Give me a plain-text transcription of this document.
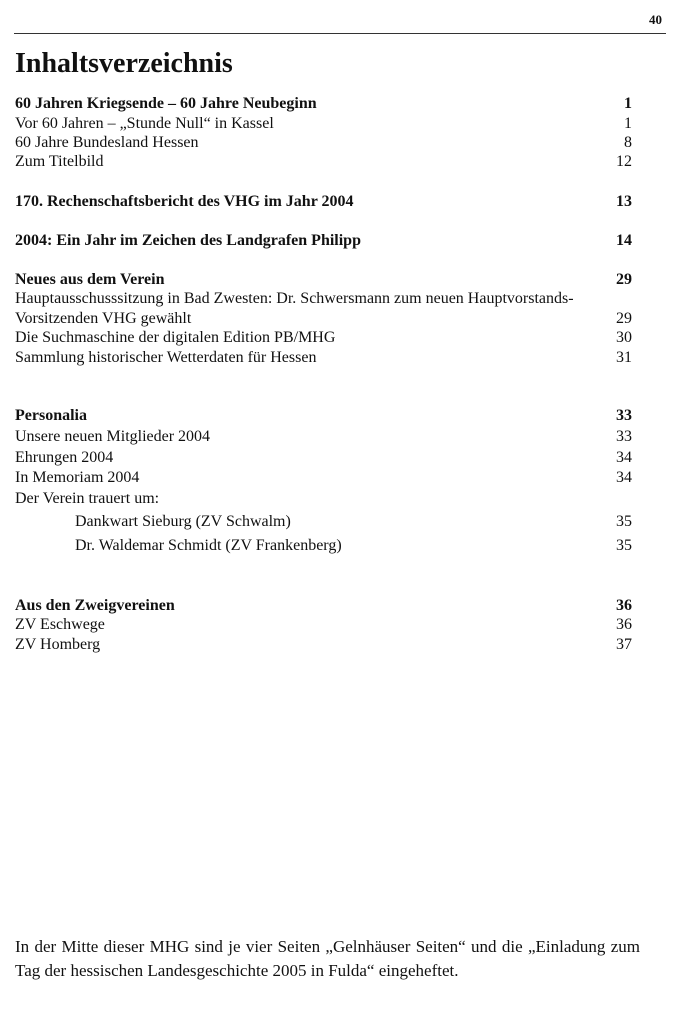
40
Inhaltsverzeichnis
60 Jahren Kriegsende – 60 Jahre Neubeginn	1
Vor 60 Jahren – „Stunde Null“ in Kassel	1
60 Jahre Bundesland Hessen	8
Zum Titelbild	12
170. Rechenschaftsbericht des VHG im Jahr 2004	13
2004: Ein Jahr im Zeichen des Landgrafen Philipp	14
Neues aus dem Verein	29
Hauptausschusssitzung in Bad Zwesten: Dr. Schwersmann zum neuen Hauptvorstands-
Vorsitzenden VHG gewählt	29
Die Suchmaschine der digitalen Edition PB/MHG	30
Sammlung historischer Wetterdaten für Hessen	31
Personalia	33
Unsere neuen Mitglieder 2004	33
Ehrungen 2004	34
In Memoriam 2004	34
Der Verein trauert um:
Dankwart Sieburg (ZV Schwalm)	35
Dr. Waldemar Schmidt (ZV Frankenberg)	35
Aus den Zweigvereinen	36
ZV Eschwege	36
ZV Homberg	37

In der Mitte dieser MHG sind je vier Seiten „Gelnhäuser Seiten“ und die „Einladung zum Tag der hessischen Landesgeschichte 2005 in Fulda“ eingeheftet.
